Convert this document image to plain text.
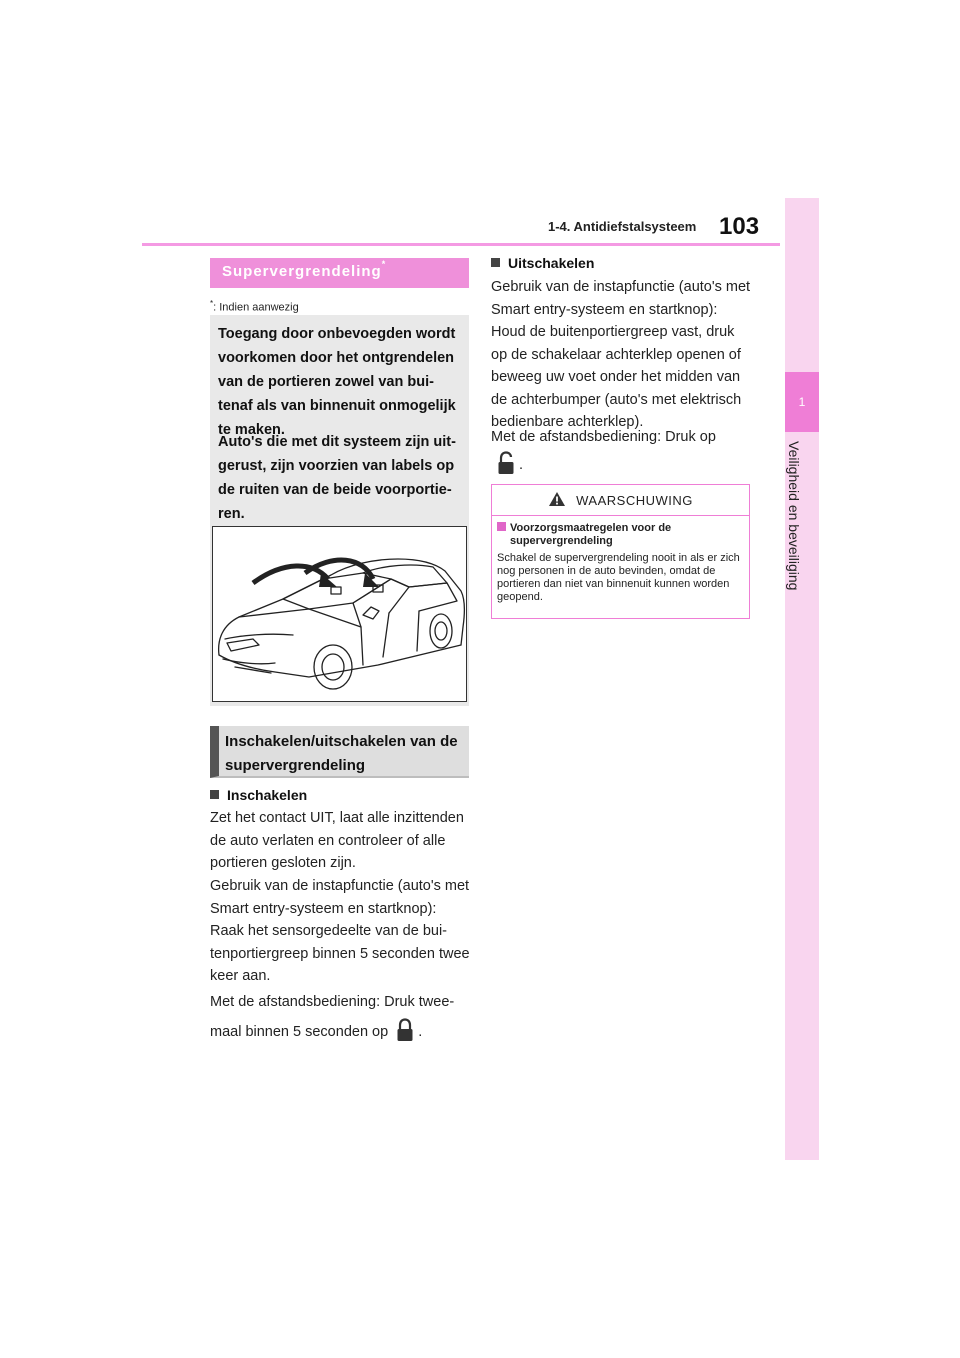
1
Veiligheid en beveiliging
1-4. Antidiefstalsysteem 103
Supervergrendeling*
*: Indien aanwezig

Toegang door onbevoegden wordt voorkomen door het ontgrendelen van de portieren zowel van bui-tenaf als van binnenuit onmogelijk te maken.

Auto's die met dit systeem zijn uit-gerust, zijn voorzien van labels op de ruiten van de beide voorportie-ren.

Inschakelen/uitschakelen van de supervergrendeling
Inschakelen

Zet het contact UIT, laat alle inzittenden de auto verlaten en controleer of alle portieren gesloten zijn.

Gebruik van de instapfunctie (auto's met Smart entry-systeem en startknop): Raak het sensorgedeelte van de bui-tenportiergreep binnen 5 seconden twee keer aan.

Met de afstandsbediening: Druk twee-maal binnen 5 seconden op .

Uitschakelen

Gebruik van de instapfunctie (auto's met Smart entry-systeem en startknop): Houd de buitenportiergreep vast, druk op de schakelaar achterklep openen of beweeg uw voet onder het midden van de achterbumper (auto's met elektrisch bedienbare achterklep).

Met de afstandsbediening: Druk op
.

WAARSCHUWING
Voorzorgsmaatregelen voor de supervergrendeling
Schakel de supervergrendeling nooit in als er zich nog personen in de auto bevinden, omdat de portieren dan niet van binnenuit kunnen worden geopend.
